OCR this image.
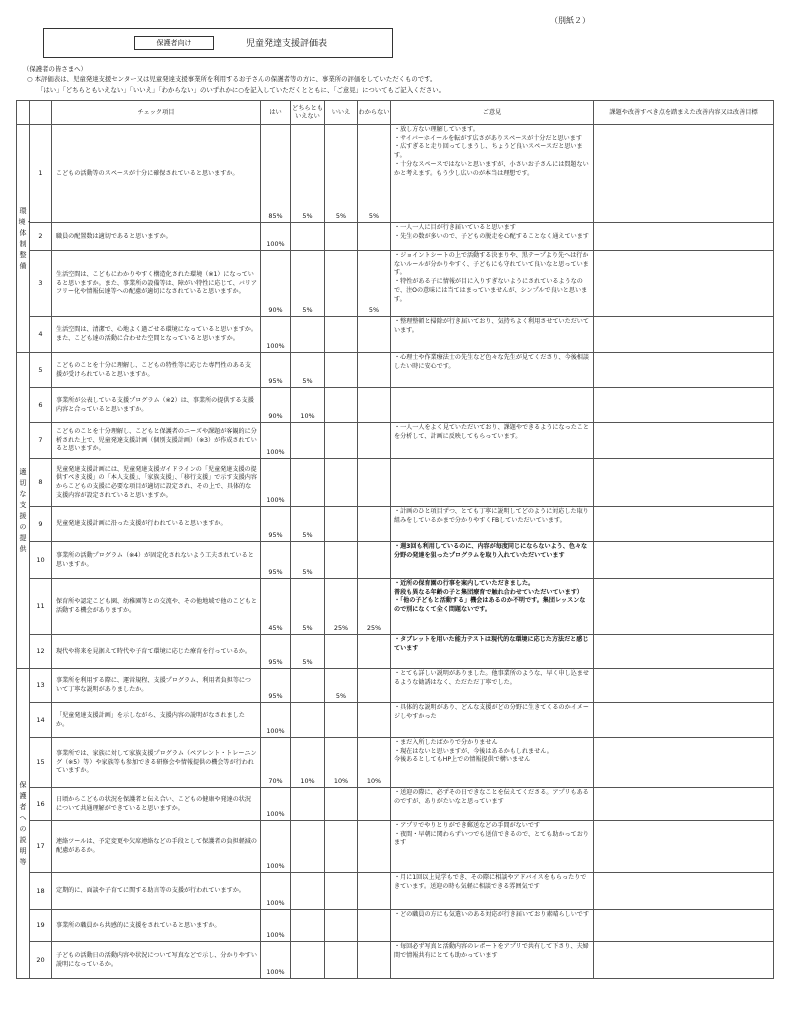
（別紙２）
保護者向け	児童発達支援評価表
（保護者の皆さまへ）
○ 本評価表は、児童発達支援センター又は児童発達支援事業所を利用するお子さんの保護者等の方に、事業所の評価をしていただくものです。
「はい」「どちらともいえない」「いいえ」「わからない」のいずれかに○を記入していただくとともに、「ご意見」についてもご記入ください。
		チェック項目	はい	どちらとも
いえない	いいえ	わからない	ご意見	課題や改善すべき点を踏まえた改善内容又は改善目標
環境・体制整備	1	こどもの活動等のスペースが十分に確保されていると思いますか。	85%	5%	5%	5%	・放し方ない理解しています。
・サイバーホイールを転がす広さがありスペースが十分だと思います
・広すぎると走り回ってしまうし、ちょうど良いスペースだと思います。
・十分なスペースではないと思いますが、小さいお子さんには問題ないかと考えます。もう少し広いのが本当は理想です。	
	2	職員の配置数は適切であると思いますか。	100%				・一人一人に目が行き届いていると思います
・先生の数が多いので、子どもの脱走を心配することなく通えています	
	3	生活空間は、こどもにわかりやすく構造化された環境（※1）になっていると思いますか。また、事業所の設備等は、障がい特性に応じて、バリアフリー化や情報伝達等への配慮が適切になされていると思いますか。	90%	5%		5%	・ジョイントシートの上で活動する決まりや、黒テープより先へは行かないルールが分かりやすく、子どもにも守れていて良いなと思っています。
・特性がある子に情報が目に入りすぎないようにされているようなので、注Oの意味には当てはまっていませんが、シンプルで良いと思います。	
	4	生活空間は、清潔で、心地よく過ごせる環境になっていると思いますか。また、こども達の活動に合わせた空間となっていると思いますか。	100%				・整理整頓と掃除が行き届いており、気持ちよく利用させていただいています。	
適切な支援の提供	5	こどものことを十分に理解し、こどもの特性等に応じた専門性のある支援が受けられていると思いますか。	95%	5%			・心理士や作業療法士の先生など色々な先生が見てくださり、今後相談したい時に安心です。	
	6	事業所が公表している支援プログラム（※2）は、事業所の提供する支援内容と合っていると思いますか。	90%	10%				
	7	こどものことを十分理解し、こどもと保護者のニーズや課題が客観的に分析された上で、児童発達支援計画（個別支援計画）（※3）が作成されていると思いますか。	100%				・一人一人をよく見ていただいており、課題やできるようになったことを分析して、計画に反映してもらっています。	
	8	児童発達支援計画には、児童発達支援ガイドラインの「児童発達支援の提供すべき支援」の「本人支援」、「家族支援」、「移行支援」で示す支援内容からこどもの支援に必要な項目が適切に設定され、その上で、具体的な支援内容が設定されていると思いますか。	100%					
	9	児童発達支援計画に沿った支援が行われていると思いますか。	95%	5%			・計画のひと項目ずつ、とても丁寧に説明してどのように対応した取り組みをしているかまで分かりやすくFBしていただいています。	
	10	事業所の活動プログラム（※4）が固定化されないよう工夫されていると思いますか。	95%	5%			・週3回も利用しているのに、内容が毎度同じにならないよう、色々な分野の発達を狙ったプログラムを取り入れていただいています	
	11	保育所や認定こども園、幼稚園等との交流や、その他地域で他のこどもと活動する機会がありますか。	45%	5%	25%	25%	・近所の保育園の行事を案内していただきました。
普段も異なる年齢の子と集団療育で触れ合わせていただいています）
・「他の子どもと活動する」機会はあるのか不明です。集団レッスンなので別になくて全く問題ないです。	
	12	現代や将来を見据えて時代や子育て環境に応じた療育を行っているか。	95%	5%			・タブレットを用いた能力テストは現代的な環境に応じた方法だと感じています	
保護者への説明等	13	事業所を利用する際に、運営規程、支援プログラム、利用者負担等について丁寧な説明がありましたか。	95%		5%		・とても詳しい説明がありました。他事業所のような、早く申し込ませるような勧誘はなく、ただただ丁寧でした。	
	14	「児童発達支援計画」を示しながら、支援内容の説明がなされましたか。	100%				・具体的な説明があり、どんな支援がどの分野に生きてくるのかイメージしやすかった	
	15	事業所では、家族に対して家族支援プログラム（ペアレント・トレーニング（※5）等）や家族等も参加できる研修会や情報提供の機会等が行われていますか。	70%	10%	10%	10%	・まだ入所したばかりで分かりません
・現在はないと思いますが、今後はあるかもしれません。
今後あるとしてもHP上での情報提供で構いません	
	16	日頃からこどもの状況を保護者と伝え合い、こどもの健康や発達の状況について共通理解ができていると思いますか。	100%				・送迎の際に、必ずその日できなことを伝えてくださる。アプリもあるのですが、ありがたいなと思っています	
	17	連絡ツールは、予定変更や欠席連絡などの手段として保護者の負担軽減の配慮があるか。	100%				・アプリでやりとりができ郵送などの手間がないです
・夜間・早朝に関わらずいつでも送信できるので、とても助かっております	
	18	定期的に、面談や子育てに関する助言等の支援が行われていますか。	100%				・月に1回以上見学もでき、その際に相談やアドバイスをもらったりできています。送迎の時も気軽に相談できる雰囲気です	
	19	事業所の職員から共感的に支援をされていると思いますか。	100%				・どの職員の方にも気遣いのある対応が行き届いており素晴らしいです	
	20	子どもの活動日の活動内容や状況について写真などで示し、分かりやすい説明になっているか。	100%				・毎回必ず写真と活動内容のレポートをアプリで共有して下さり、夫婦間で情報共有にとても助かっています	
